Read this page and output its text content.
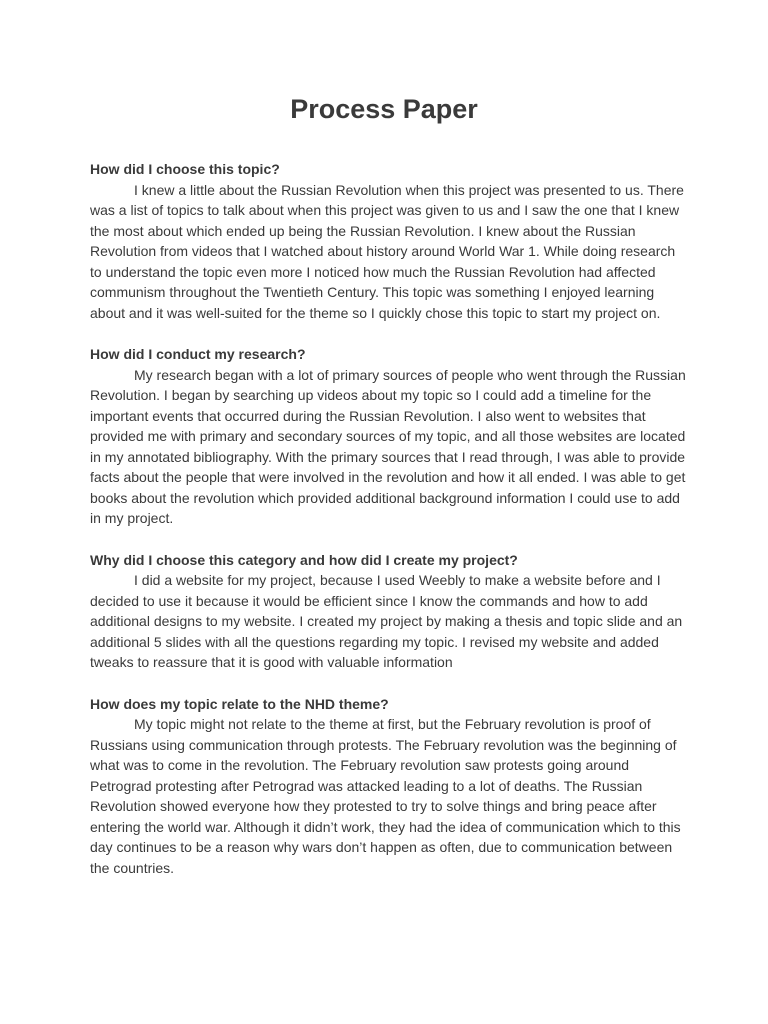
Process Paper

How did I choose this topic?

I knew a little about the Russian Revolution when this project was presented to us. There was a list of topics to talk about when this project was given to us and I saw the one that I knew the most about which ended up being the Russian Revolution. I knew about the Russian Revolution from videos that I watched about history around World War 1. While doing research to understand the topic even more I noticed how much the Russian Revolution had affected communism throughout the Twentieth Century. This topic was something I enjoyed learning about and it was well-suited for the theme so I quickly chose this topic to start my project on.

How did I conduct my research?

My research began with a lot of primary sources of people who went through the Russian Revolution. I began by searching up videos about my topic so I could add a timeline for the important events that occurred during the Russian Revolution. I also went to websites that provided me with primary and secondary sources of my topic, and all those websites are located in my annotated bibliography. With the primary sources that I read through, I was able to provide facts about the people that were involved in the revolution and how it all ended. I was able to get books about the revolution which provided additional background information I could use to add in my project.

Why did I choose this category and how did I create my project?

I did a website for my project, because I used Weebly to make a website before and I decided to use it because it would be efficient since I know the commands and how to add additional designs to my website. I created my project by making a thesis and topic slide and an additional 5 slides with all the questions regarding my topic. I revised my website and added tweaks to reassure that it is good with valuable information

How does my topic relate to the NHD theme?

My topic might not relate to the theme at first, but the February revolution is proof of Russians using communication through protests. The February revolution was the beginning of what was to come in the revolution. The February revolution saw protests going around Petrograd protesting after Petrograd was attacked leading to a lot of deaths. The Russian Revolution showed everyone how they protested to try to solve things and bring peace after entering the world war. Although it didn’t work, they had the idea of communication which to this day continues to be a reason why wars don’t happen as often, due to communication between the countries.
